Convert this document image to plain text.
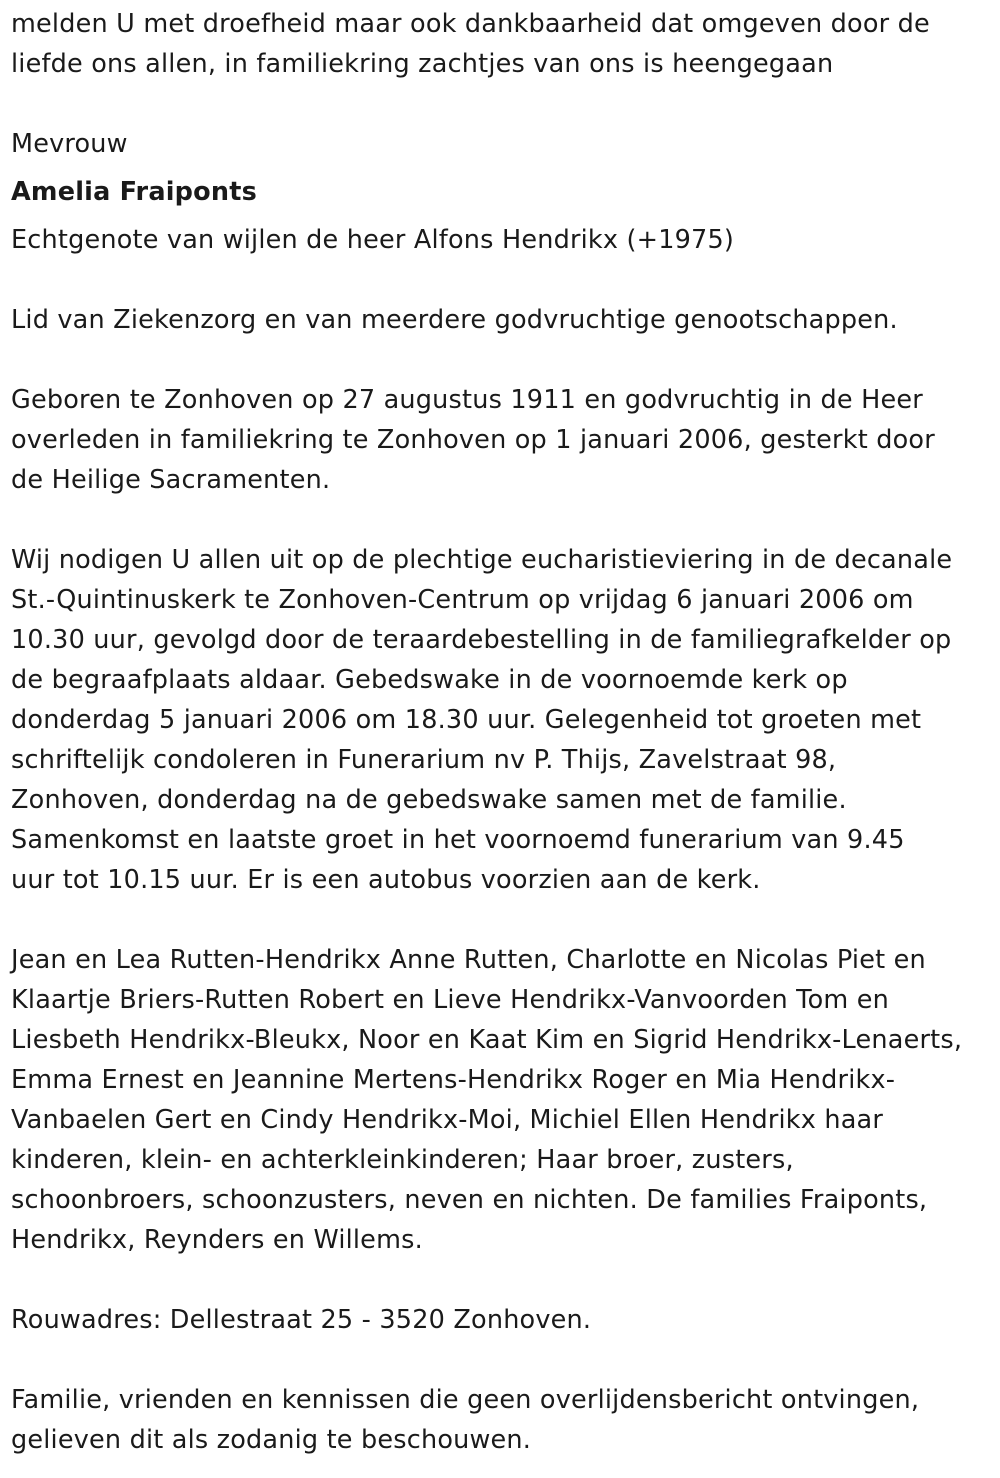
melden U met droefheid maar ook dankbaarheid dat omgeven door de
liefde ons allen, in familiekring zachtjes van ons is heengegaan

Mevrouw
Amelia Fraiponts
Echtgenote van wijlen de heer Alfons Hendrikx (+1975)

Lid van Ziekenzorg en van meerdere godvruchtige genootschappen.

Geboren te Zonhoven op 27 augustus 1911 en godvruchtig in de Heer
overleden in familiekring te Zonhoven op 1 januari 2006, gesterkt door
de Heilige Sacramenten.

Wij nodigen U allen uit op de plechtige eucharistieviering in de decanale
St.-Quintinuskerk te Zonhoven-Centrum op vrijdag 6 januari 2006 om
10.30 uur, gevolgd door de teraardebestelling in de familiegrafkelder op
de begraafplaats aldaar. Gebedswake in de voornoemde kerk op
donderdag 5 januari 2006 om 18.30 uur. Gelegenheid tot groeten met
schriftelijk condoleren in Funerarium nv P. Thijs, Zavelstraat 98,
Zonhoven, donderdag na de gebedswake samen met de familie.
Samenkomst en laatste groet in het voornoemd funerarium van 9.45
uur tot 10.15 uur. Er is een autobus voorzien aan de kerk.

Jean en Lea Rutten-Hendrikx Anne Rutten, Charlotte en Nicolas Piet en
Klaartje Briers-Rutten Robert en Lieve Hendrikx-Vanvoorden Tom en
Liesbeth Hendrikx-Bleukx, Noor en Kaat Kim en Sigrid Hendrikx-Lenaerts,
Emma Ernest en Jeannine Mertens-Hendrikx Roger en Mia Hendrikx-
Vanbaelen Gert en Cindy Hendrikx-Moi, Michiel Ellen Hendrikx haar
kinderen, klein- en achterkleinkinderen; Haar broer, zusters,
schoonbroers, schoonzusters, neven en nichten. De families Fraiponts,
Hendrikx, Reynders en Willems.

Rouwadres: Dellestraat 25 - 3520 Zonhoven.

Familie, vrienden en kennissen die geen overlijdensbericht ontvingen,
gelieven dit als zodanig te beschouwen.
